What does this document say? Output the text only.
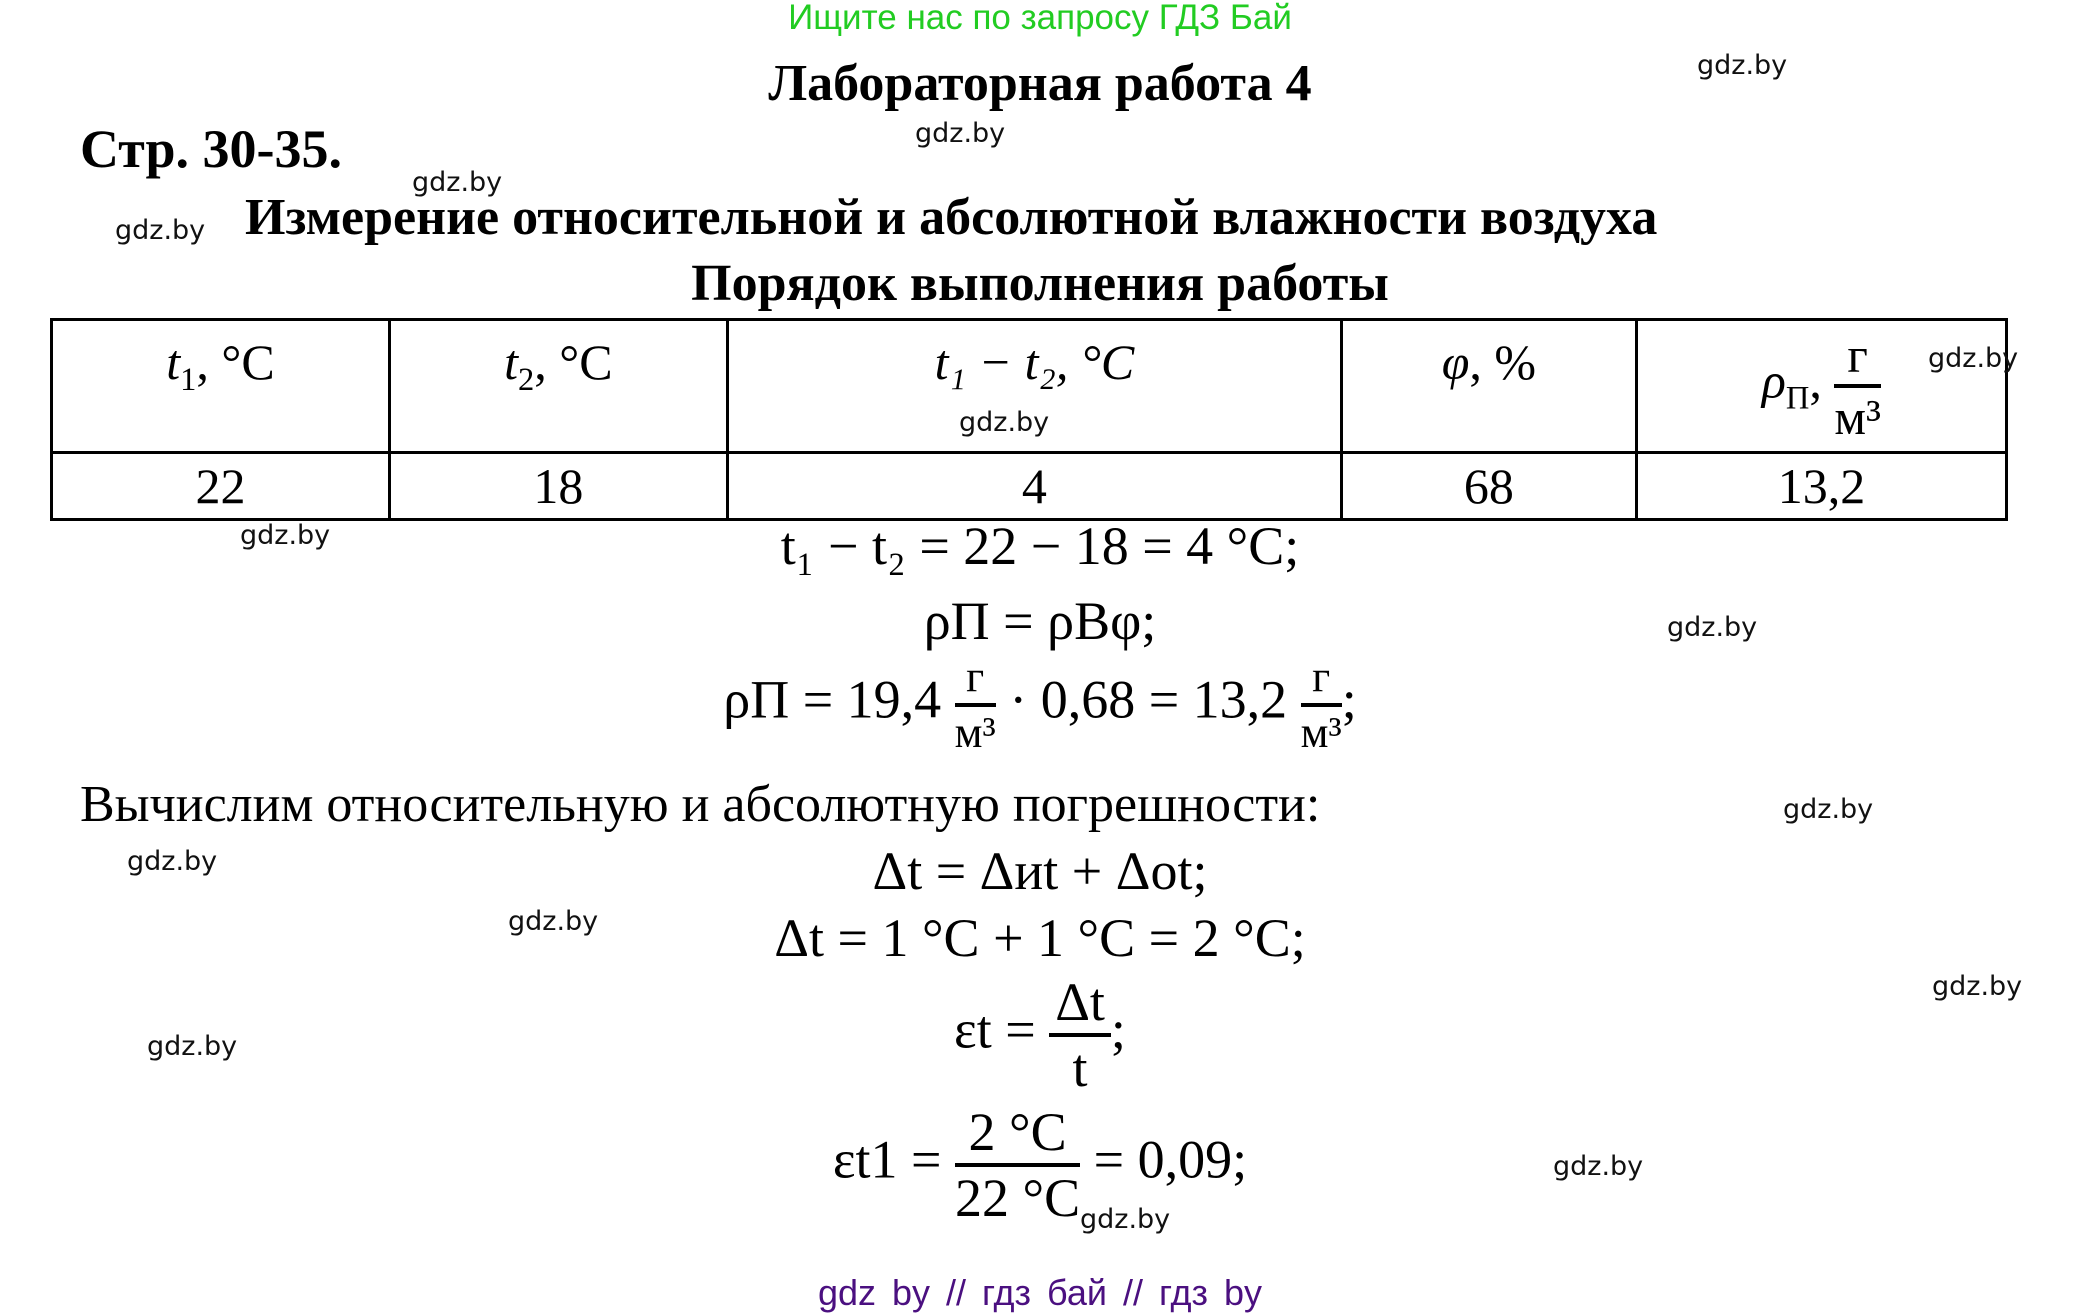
Ищите нас по запросу ГДЗ Бай
Лабораторная работа 4
Стр. 30-35.
Измерение относительной и абсолютной влажности воздуха
Порядок выполнения работы
$t_1$, °C	$t_2$, °C	t₁ − t₂, °C	φ, %	$\rho_П$, $\frac{г}{\text{м³}}$

22	18	4	68	13,2
t₁ − t₂ = 22 − 18 = 4 °C;
ρП = ρВφ;
$\rho П = 19,4 \frac{г}{\text{м³}} \cdot 0,68 = 13,2 \frac{г}{\text{м³}}$ ;
Вычислим относительную и абсолютную погрешности:
Δt = Δиt + Δоt;
Δt = 1 °C + 1 °C = 2 °C;
$\varepsilon t = \frac{\Delta t}{t}$ ;
$\varepsilon t1 = \frac{2 ^\circ C}{22 ^\circ C} = 0,09$;
gdz.by
gdz.by
gdz.by
gdz.by
gdz.by
gdz.by
gdz.by
gdz.by
gdz.by
gdz.by
gdz.by
gdz.by
gdz.by
gdz.by
gdz.by
gdz by // гдз бай // гдз by
